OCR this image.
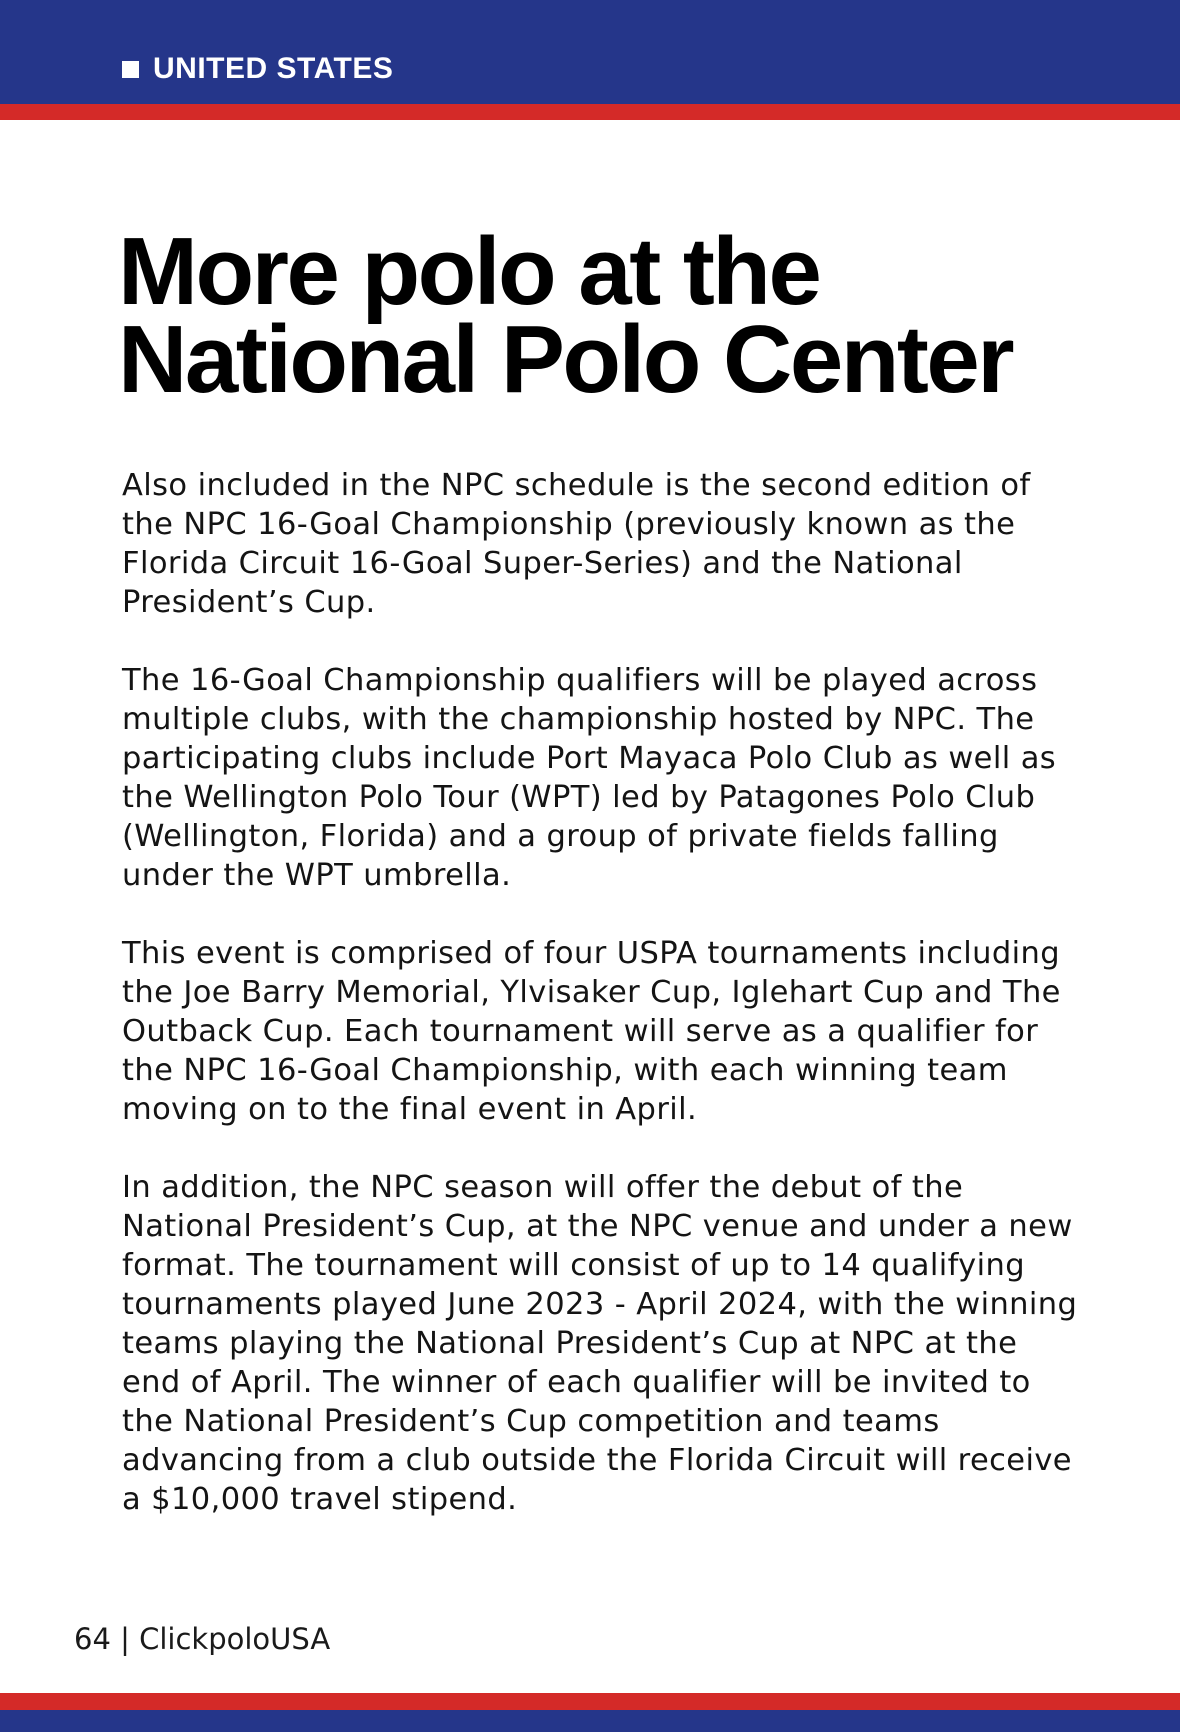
UNITED STATES
More polo at the
National Polo Center

Also included in the NPC schedule is the second edition of the NPC 16-Goal Championship (previously known as the Florida Circuit 16-Goal Super-Series) and the National President’s Cup.

The 16-Goal Championship qualifiers will be played across multiple clubs, with the championship hosted by NPC. The participating clubs include Port Mayaca Polo Club as well as the Wellington Polo Tour (WPT) led by Patagones Polo Club (Wellington, Florida) and a group of private fields falling under the WPT umbrella.

This event is comprised of four USPA tournaments including the Joe Barry Memorial, Ylvisaker Cup, Iglehart Cup and The Outback Cup. Each tournament will serve as a qualifier for the NPC 16-Goal Championship, with each winning team moving on to the final event in April.

In addition, the NPC season will offer the debut of the National President’s Cup, at the NPC venue and under a new format. The tournament will consist of up to 14 qualifying tournaments played June 2023 - April 2024, with the winning teams playing the National President’s Cup at NPC at the end of April. The winner of each qualifier will be invited to the National President’s Cup competition and teams advancing from a club outside the Florida Circuit will receive a $10,000 travel stipend.

64 | ClickpoloUSA
